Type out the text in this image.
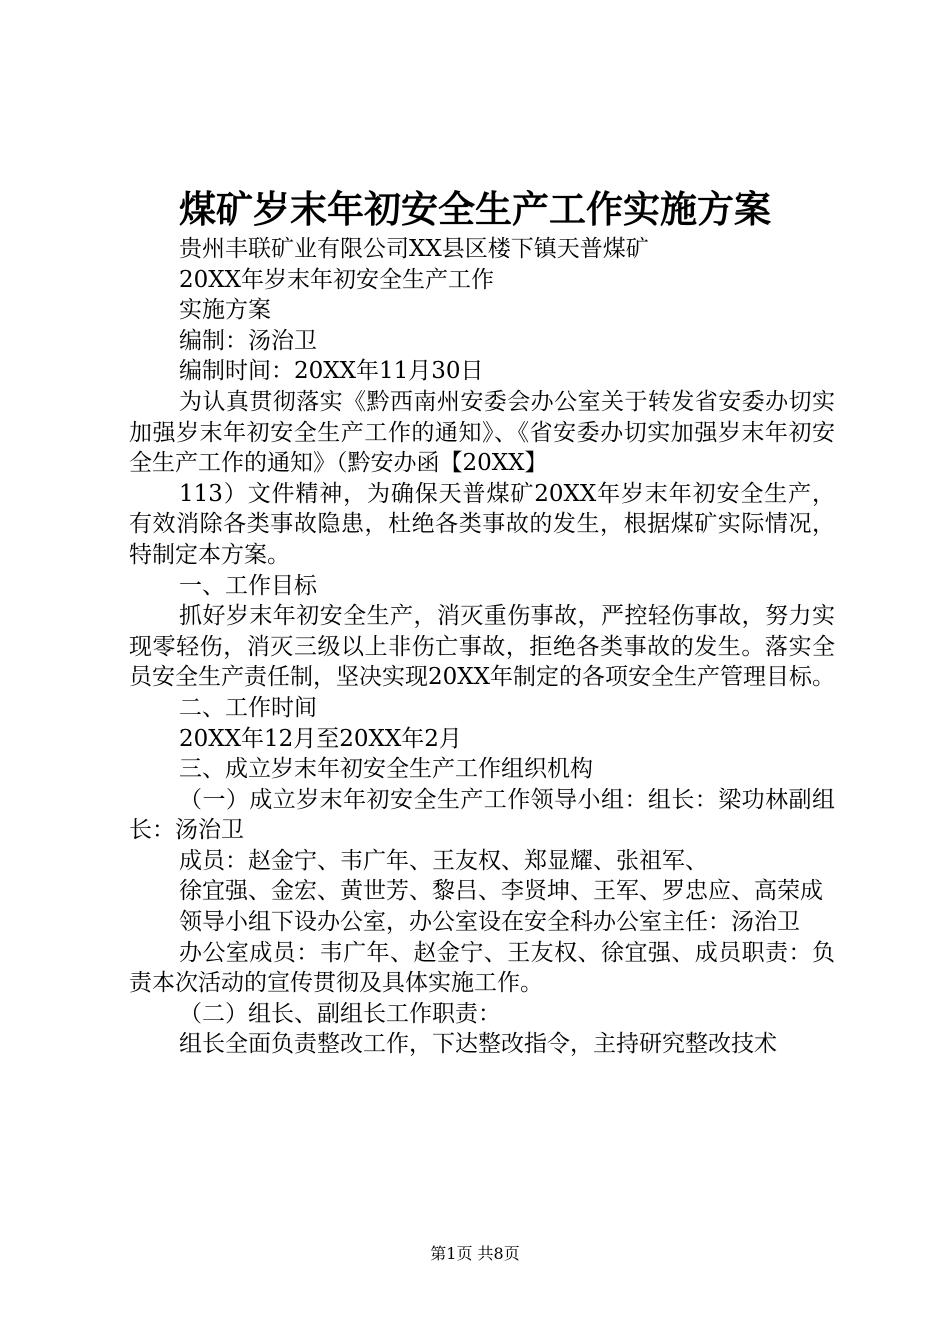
煤矿岁末年初安全生产工作实施方案

贵州丰联矿业有限公司XX县区楼下镇天普煤矿

20XX年岁末年初安全生产工作

实施方案

编制：汤治卫

编制时间：20XX年11月30日

为认真贯彻落实《黔西南州安委会办公室关于转发省安委办切实加强岁末年初安全生产工作的通知》、《省安委办切实加强岁末年初安全生产工作的通知》（黔安办函【20XX】

113）文件精神，为确保天普煤矿20XX年岁末年初安全生产，有效消除各类事故隐患，杜绝各类事故的发生，根据煤矿实际情况，特制定本方案。

一、工作目标

抓好岁末年初安全生产，消灭重伤事故，严控轻伤事故，努力实现零轻伤，消灭三级以上非伤亡事故，拒绝各类事故的发生。落实全员安全生产责任制，坚决实现20XX年制定的各项安全生产管理目标。

二、工作时间

20XX年12月至20XX年2月

三、成立岁末年初安全生产工作组织机构

（一）成立岁末年初安全生产工作领导小组：组长：梁功林副组长：汤治卫

成员：赵金宁、韦广年、王友权、郑显耀、张祖军、

徐宜强、金宏、黄世芳、黎吕、李贤坤、王军、罗忠应、高荣成

领导小组下设办公室，办公室设在安全科办公室主任：汤治卫

办公室成员：韦广年、赵金宁、王友权、徐宜强、成员职责：负责本次活动的宣传贯彻及具体实施工作。

（二）组长、副组长工作职责：

组长全面负责整改工作，下达整改指令，主持研究整改技术

第1页 共8页
